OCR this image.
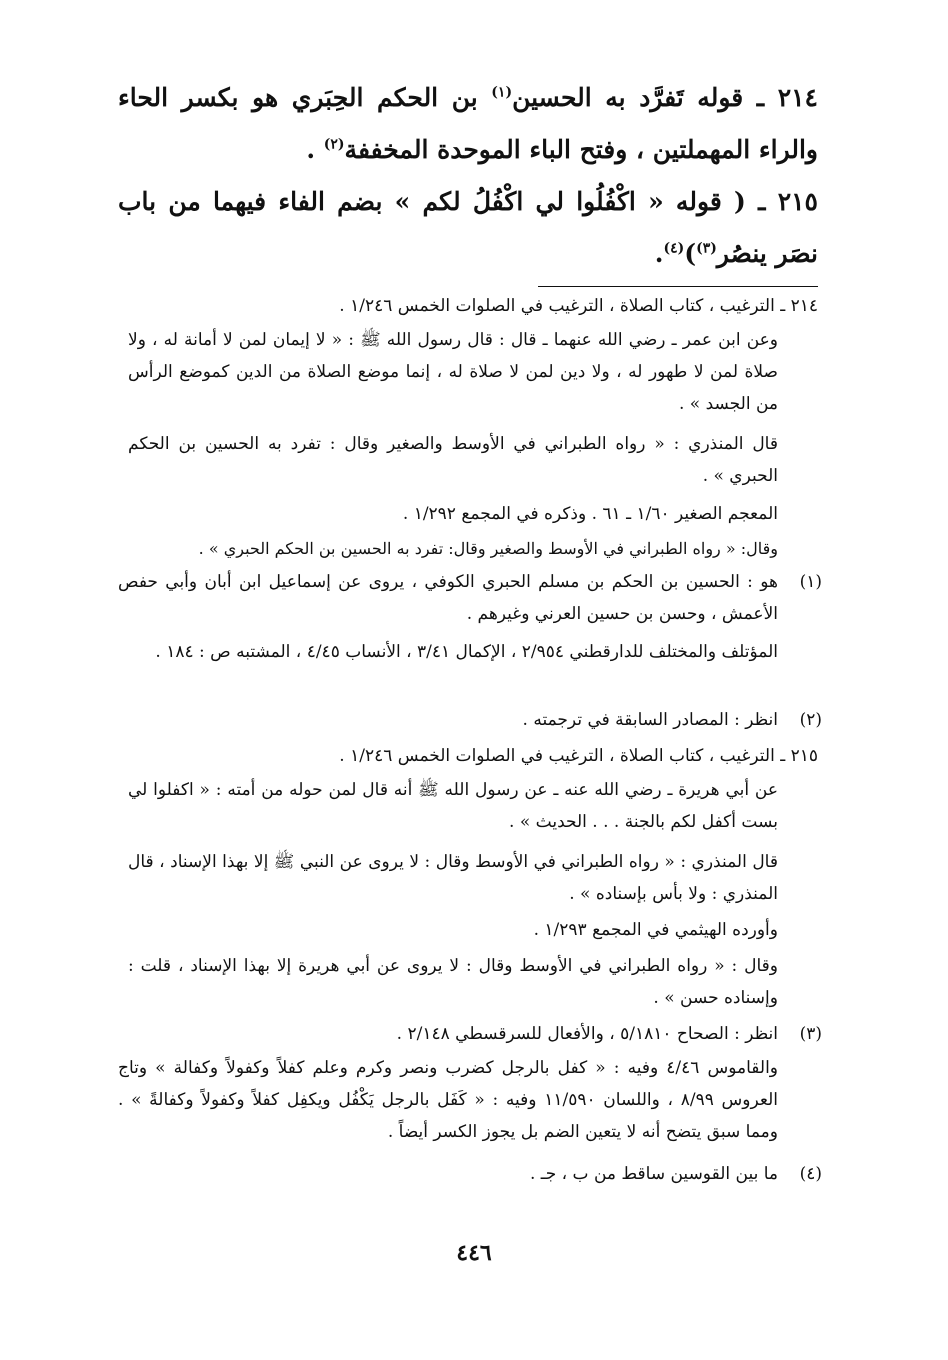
٢١٤ ـ قوله تَفرَّد به الحسين$^{(١)}$ بن الحكم الحِبَري هو بكسر الحاء والراء المهملتين ، وفتح الباء الموحدة المخففة$^{(٢)}$ .
٢١٥ ـ ( قوله « اكْفُلُوا لي اكْفُلُ لكم » بضم الفاء فيهما من باب نصَر ينصُر$^{(٣)}$)$^{(٤)}$.
٢١٤ ـ الترغيب ، كتاب الصلاة ، الترغيب في الصلوات الخمس ١/٢٤٦ .
وعن ابن عمر ـ رضي الله عنهما ـ قال : قال رسول الله ﷺ : « لا إيمان لمن لا أمانة له ، ولا صلاة لمن لا طهور له ، ولا دين لمن لا صلاة له ، إنما موضع الصلاة من الدين كموضع الرأس من الجسد » .
قال المنذري : « رواه الطبراني في الأوسط والصغير وقال : تفرد به الحسين بن الحكم الحبري » .
المعجم الصغير ١/٦٠ ـ ٦١ . وذكره في المجمع ١/٢٩٢ .
وقال: « رواه الطبراني في الأوسط والصغير وقال: تفرد به الحسين بن الحكم الحبري » .
(١)
هو : الحسين بن الحكم بن مسلم الحبري الكوفي ، يروى عن إسماعيل ابن أبان وأبي حفص الأعمش ، وحسن بن حسين العرني وغيرهم .
المؤتلف والمختلف للدارقطني ٢/٩٥٤ ، الإكمال ٣/٤١ ، الأنساب ٤/٤٥ ، المشتبه ص : ١٨٤ .
(٢)
انظر : المصادر السابقة في ترجمته .
٢١٥ ـ الترغيب ، كتاب الصلاة ، الترغيب في الصلوات الخمس ١/٢٤٦ .
عن أبي هريرة ـ رضي الله عنه ـ عن رسول الله ﷺ أنه قال لمن حوله من أمته : « اكفلوا لي بست أكفل لكم بالجنة . . . الحديث » .
قال المنذري : « رواه الطبراني في الأوسط وقال : لا يروى عن النبي ﷺ إلا بهذا الإسناد ، قال المنذري : ولا بأس بإسناده » .
وأورده الهيثمي في المجمع ١/٢٩٣ .
وقال : « رواه الطبراني في الأوسط وقال : لا يروى عن أبي هريرة إلا بهذا الإسناد ، قلت : وإسناده حسن » .
(٣)
انظر : الصحاح ٥/١٨١٠ ، والأفعال للسرقسطي ٢/١٤٨ .
والقاموس ٤/٤٦ وفيه : « كفل بالرجل كضرب ونصر وكرم وعلم كفلاً وكفولاً وكفالة » وتاج العروس ٨/٩٩ ، واللسان ١١/٥٩٠ وفيه : « كَفَل بالرجل يَكْفُل ويكفِل كفلاً وكفولاً وكفالةً » . ومما سبق يتضح أنه لا يتعين الضم بل يجوز الكسر أيضاً .
(٤)
ما بين القوسين ساقط من ب ، جـ .
٤٤٦
